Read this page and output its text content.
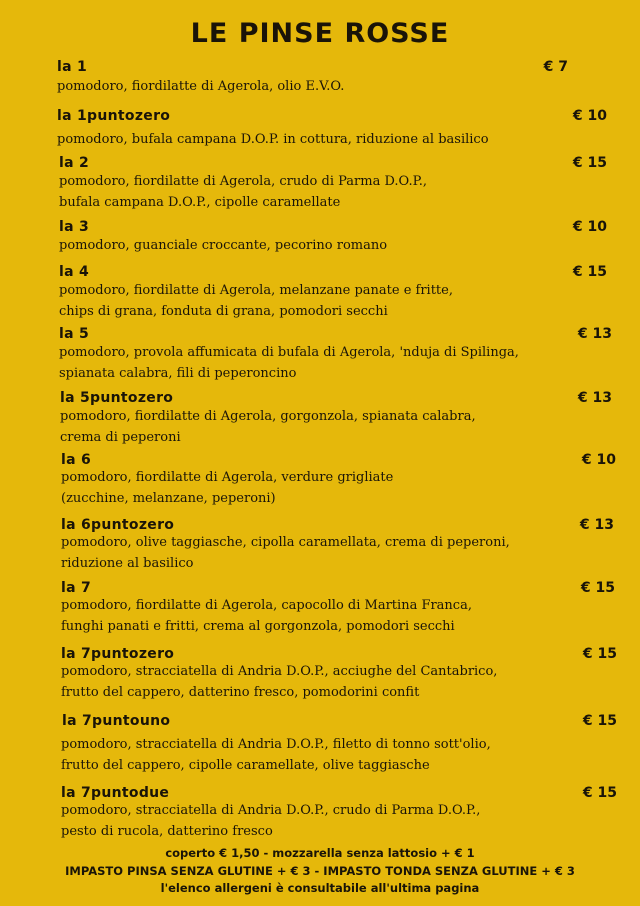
LE PINSE ROSSE
la 1	€ 7
pomodoro, fiordilatte di Agerola, olio E.V.O.
la 1puntozero	€ 10
pomodoro, bufala campana D.O.P. in cottura, riduzione al basilico
la 2	€ 15
pomodoro, fiordilatte di Agerola, crudo di Parma D.O.P.,
bufala campana D.O.P., cipolle caramellate
la 3	€ 10
pomodoro, guanciale croccante, pecorino romano
la 4	€ 15
pomodoro, fiordilatte di Agerola, melanzane panate e fritte,
chips di grana, fonduta di grana, pomodori secchi
la 5	€ 13
pomodoro, provola affumicata di bufala di Agerola, 'nduja di Spilinga,
spianata calabra, fili di peperoncino
la 5puntozero	€ 13
pomodoro, fiordilatte di Agerola, gorgonzola, spianata calabra,
crema di peperoni
la 6	€ 10
pomodoro, fiordilatte di Agerola, verdure grigliate
(zucchine, melanzane, peperoni)
la 6puntozero	€ 13
pomodoro, olive taggiasche, cipolla caramellata, crema di peperoni,
riduzione al basilico
la 7	€ 15
pomodoro, fiordilatte di Agerola, capocollo di Martina Franca,
funghi panati e fritti, crema al gorgonzola, pomodori secchi
la 7puntozero	€ 15
pomodoro, stracciatella di Andria D.O.P., acciughe del Cantabrico,
frutto del cappero, datterino fresco, pomodorini confit
la 7puntouno	€ 15
pomodoro, stracciatella di Andria D.O.P., filetto di tonno sott'olio,
frutto del cappero, cipolle caramellate, olive taggiasche
la 7puntodue	€ 15
pomodoro, stracciatella di Andria D.O.P., crudo di Parma D.O.P.,
pesto di rucola, datterino fresco
coperto € 1,50 - mozzarella senza lattosio + € 1
IMPASTO PINSA SENZA GLUTINE + € 3 - IMPASTO TONDA SENZA GLUTINE + € 3
l'elenco allergeni è consultabile all'ultima pagina
